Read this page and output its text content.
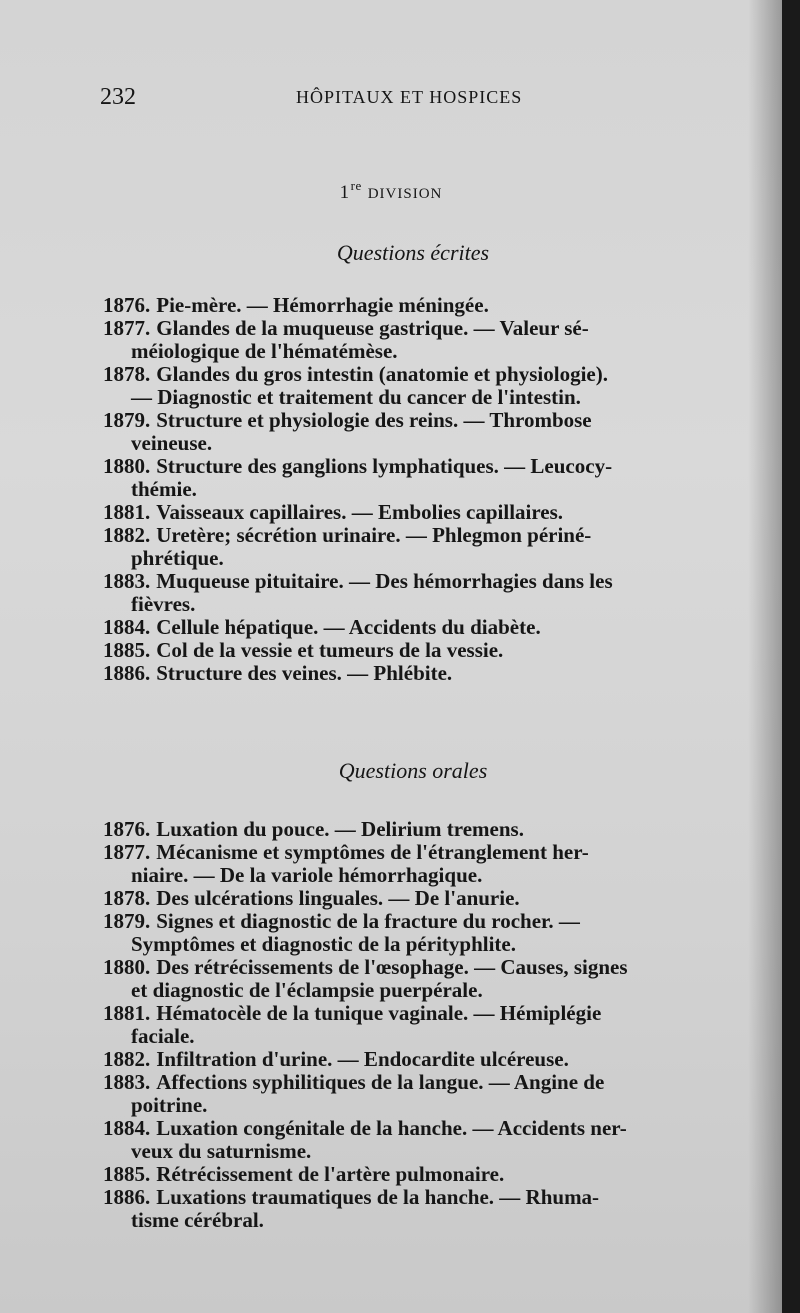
232	HÔPITAUX ET HOSPICES
1reDIVISION
Questions écrites
1876. Pie-mère. — Hémorrhagie méningée.
1877. Glandes de la muqueuse gastrique. — Valeur sé-
méiologique de l'hématémèse.
1878. Glandes du gros intestin (anatomie et physiologie).
— Diagnostic et traitement du cancer de l'intestin.
1879. Structure et physiologie des reins. — Thrombose
veineuse.
1880. Structure des ganglions lymphatiques. — Leucocy-
thémie.
1881. Vaisseaux capillaires. — Embolies capillaires.
1882. Uretère; sécrétion urinaire. — Phlegmon périné-
phrétique.
1883. Muqueuse pituitaire. — Des hémorrhagies dans les
fièvres.
1884. Cellule hépatique. — Accidents du diabète.
1885. Col de la vessie et tumeurs de la vessie.
1886. Structure des veines. — Phlébite.
Questions orales
1876. Luxation du pouce. — Delirium tremens.
1877. Mécanisme et symptômes de l'étranglement her-
niaire. — De la variole hémorrhagique.
1878. Des ulcérations linguales. — De l'anurie.
1879. Signes et diagnostic de la fracture du rocher. —
Symptômes et diagnostic de la pérityphlite.
1880. Des rétrécissements de l'œsophage. — Causes, signes
et diagnostic de l'éclampsie puerpérale.
1881. Hématocèle de la tunique vaginale. — Hémiplégie
faciale.
1882. Infiltration d'urine. — Endocardite ulcéreuse.
1883. Affections syphilitiques de la langue. — Angine de
poitrine.
1884. Luxation congénitale de la hanche. — Accidents ner-
veux du saturnisme.
1885. Rétrécissement de l'artère pulmonaire.
1886. Luxations traumatiques de la hanche. — Rhuma-
tisme cérébral.
